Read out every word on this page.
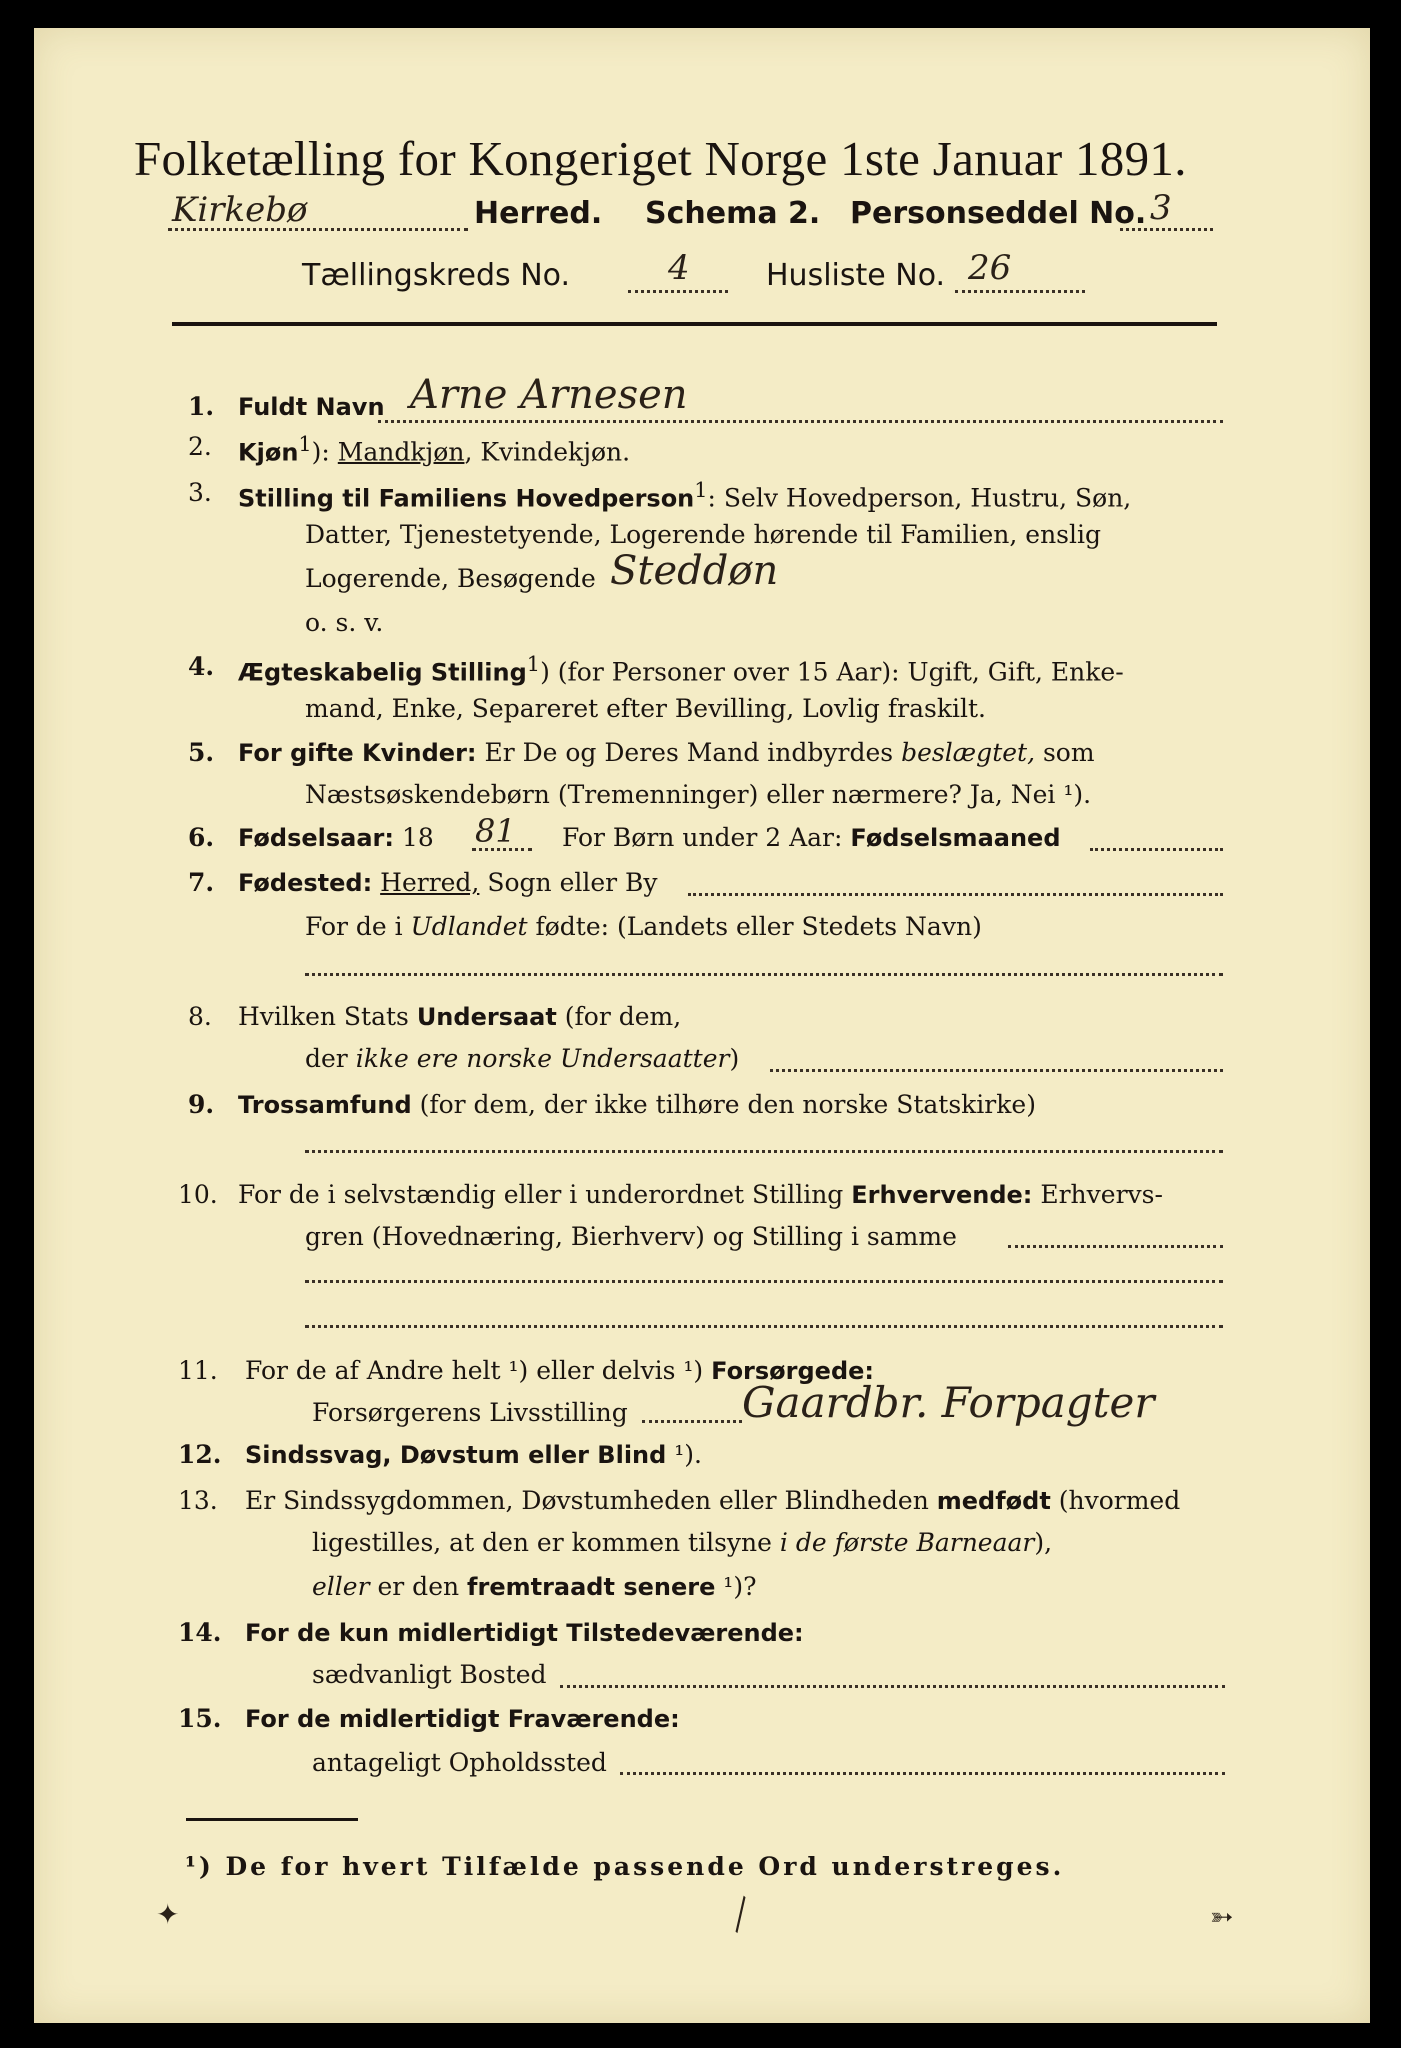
Folketælling for Kongeriget Norge 1ste Januar 1891.
Kirkebø	Herred. Schema 2. Personseddel No. 3
Tællingskreds No.	4	Husliste No. 26
1. Fuldt Navn Arne Arnesen
2. Kjøn$^1$): Mandkjøn, Kvindekjøn.
3. Stilling til Familiens Hovedperson$^1$: Selv Hovedperson, Hustru, Søn,
Datter, Tjenestetyende, Logerende hørende til Familien, enslig
Logerende, Besøgende Steddøn
o. s. v.
4. Ægteskabelig Stilling$^1$) (for Personer over 15 Aar): Ugift, Gift, Enke-
mand, Enke, Separeret efter Bevilling, Lovlig fraskilt.
5. For gifte Kvinder: Er De og Deres Mand indbyrdes beslægtet, som
Næstsøskendebørn (Tremenninger) eller nærmere? Ja, Nei ¹).
6. Fødselsaar: 18 81 For Børn under 2 Aar: Fødselsmaaned
7. Fødested: Herred, Sogn eller By
For de i Udlandet fødte: (Landets eller Stedets Navn)
8. Hvilken Stats Undersaat (for dem,
der ikke ere norske Undersaatter)
9. Trossamfund (for dem, der ikke tilhøre den norske Statskirke)
10. For de i selvstændig eller i underordnet Stilling Erhvervende: Erhvervs-
gren (Hovednæring, Bierhverv) og Stilling i samme
11. For de af Andre helt ¹) eller delvis ¹) Forsørgede:
Forsørgerens Livsstilling	Gaardbr. Forpagter
12. Sindssvag, Døvstum eller Blind ¹).
13. Er Sindssygdommen, Døvstumheden eller Blindheden medfødt (hvormed
ligestilles, at den er kommen tilsyne i de første Barneaar),
eller er den fremtraadt senere ¹)?
14. For de kun midlertidigt Tilstedeværende:
sædvanligt Bosted
15. For de midlertidigt Fraværende:
antageligt Opholdssted
¹) De for hvert Tilfælde passende Ord understreges.
✦	╲	➳
